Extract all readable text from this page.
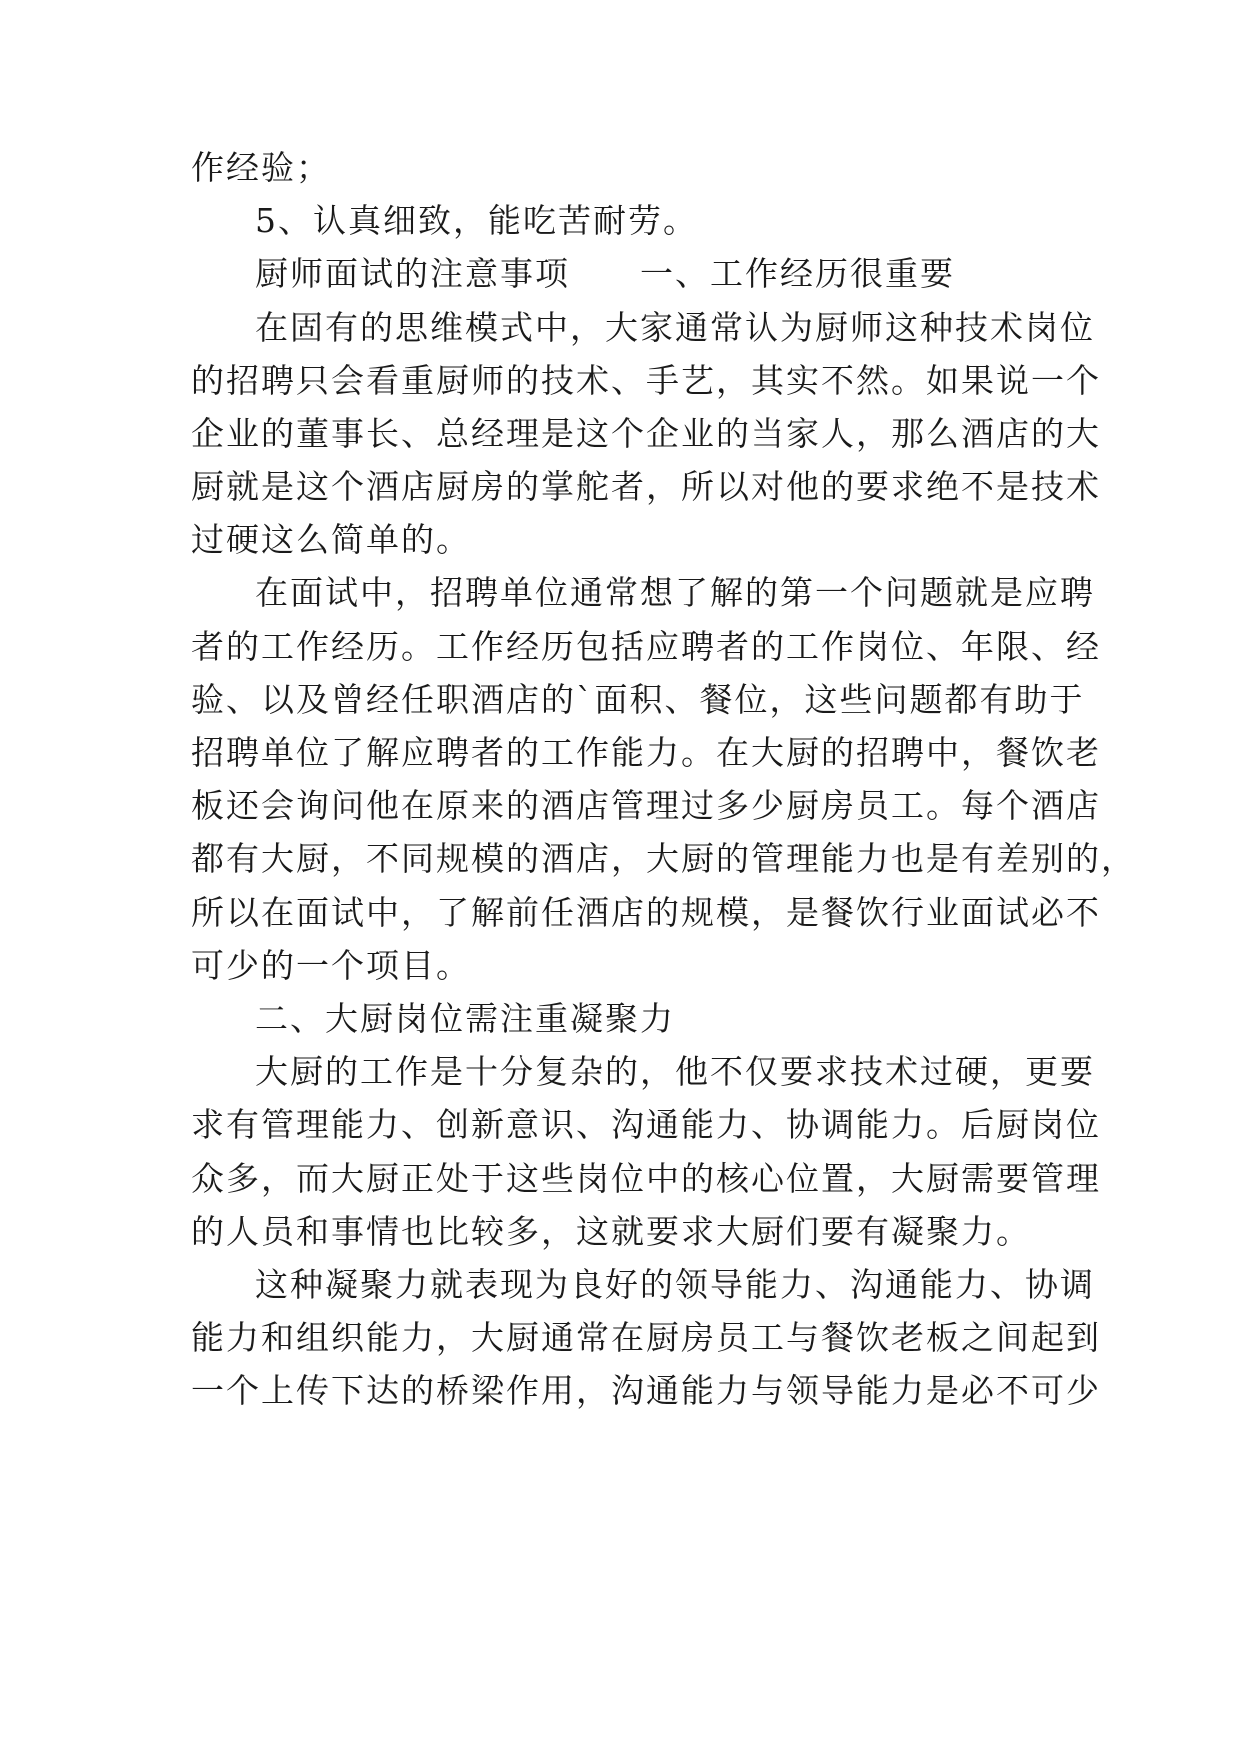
作经验；
5、认真细致，能吃苦耐劳。
厨师面试的注意事项 一、工作经历很重要
在固有的思维模式中，大家通常认为厨师这种技术岗位
的招聘只会看重厨师的技术、手艺，其实不然。如果说一个
企业的董事长、总经理是这个企业的当家人，那么酒店的大
厨就是这个酒店厨房的掌舵者，所以对他的要求绝不是技术
过硬这么简单的。
在面试中，招聘单位通常想了解的第一个问题就是应聘
者的工作经历。工作经历包括应聘者的工作岗位、年限、经
验、以及曾经任职酒店的`面积、餐位，这些问题都有助于
招聘单位了解应聘者的工作能力。在大厨的招聘中，餐饮老
板还会询问他在原来的酒店管理过多少厨房员工。每个酒店
都有大厨，不同规模的酒店，大厨的管理能力也是有差别的，
所以在面试中，了解前任酒店的规模，是餐饮行业面试必不
可少的一个项目。
二、大厨岗位需注重凝聚力
大厨的工作是十分复杂的，他不仅要求技术过硬，更要
求有管理能力、创新意识、沟通能力、协调能力。后厨岗位
众多，而大厨正处于这些岗位中的核心位置，大厨需要管理
的人员和事情也比较多，这就要求大厨们要有凝聚力。
这种凝聚力就表现为良好的领导能力、沟通能力、协调
能力和组织能力，大厨通常在厨房员工与餐饮老板之间起到
一个上传下达的桥梁作用，沟通能力与领导能力是必不可少
